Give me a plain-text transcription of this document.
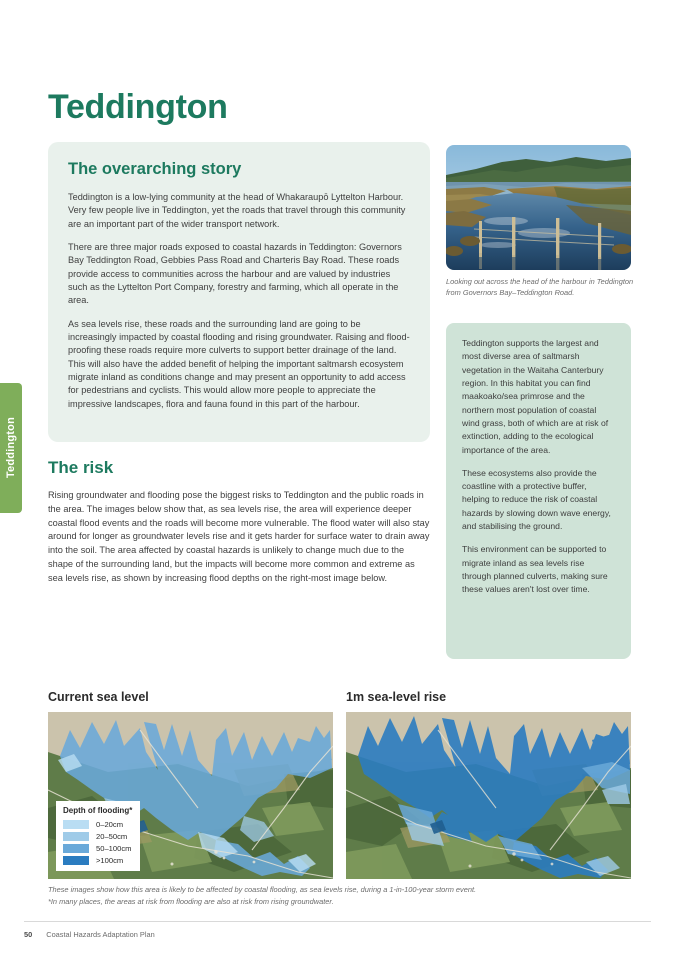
Teddington
Teddington
The overarching story

Teddington is a low-lying community at the head of Whakaraupō Lyttelton Harbour. Very few people live in Teddington, yet the roads that travel through this community are an important part of the wider transport network.

There are three major roads exposed to coastal hazards in Teddington: Governors Bay Teddington Road, Gebbies Pass Road and Charteris Bay Road. These roads provide access to communities across the harbour and are valued by industries such as the Lyttelton Port Company, forestry and farming, which all operate in the area.

As sea levels rise, these roads and the surrounding land are going to be increasingly impacted by coastal flooding and rising groundwater. Raising and flood-proofing these roads require more culverts to support better drainage of the land. This will also have the added benefit of helping the important saltmarsh ecosystem migrate inland as conditions change and may present an opportunity to add access for pedestrians and cyclists. This would allow more people to appreciate the impressive landscapes, flora and fauna found in this part of the harbour.

The risk
Rising groundwater and flooding pose the biggest risks to Teddington and the public roads in the area. The images below show that, as sea levels rise, the area will experience deeper coastal flood events and the roads will become more vulnerable. The flood water will also stay around for longer as groundwater levels rise and it gets harder for surface water to drain away into the soil. The area affected by coastal hazards is unlikely to change much due to the shape of the surrounding land, but the impacts will become more common and extreme as sea levels rise, as shown by increasing flood depths on the right-most image below.
Looking out across the head of the harbour in Teddington from Governors Bay–Teddington Road.

Teddington supports the largest and most diverse area of saltmarsh vegetation in the Waitaha Canterbury region. In this habitat you can find maakoako/sea primrose and the northern most population of coastal wind grass, both of which are at risk of extinction, adding to the ecological importance of the area.

These ecosystems also provide the coastline with a protective buffer, helping to reduce the risk of coastal hazards by slowing down wave energy, and stabilising the ground.

This environment can be supported to migrate inland as sea levels rise through planned culverts, making sure these values aren't lost over time.

Current sea level	1m sea-level rise
Depth of flooding*
0–20cm
20–50cm
50–100cm
>100cm
These images show how this area is likely to be affected by coastal flooding, as sea levels rise, during a 1-in-100-year storm event.
*In many places, the areas at risk from flooding are also at risk from rising groundwater.
50 Coastal Hazards Adaptation Plan
